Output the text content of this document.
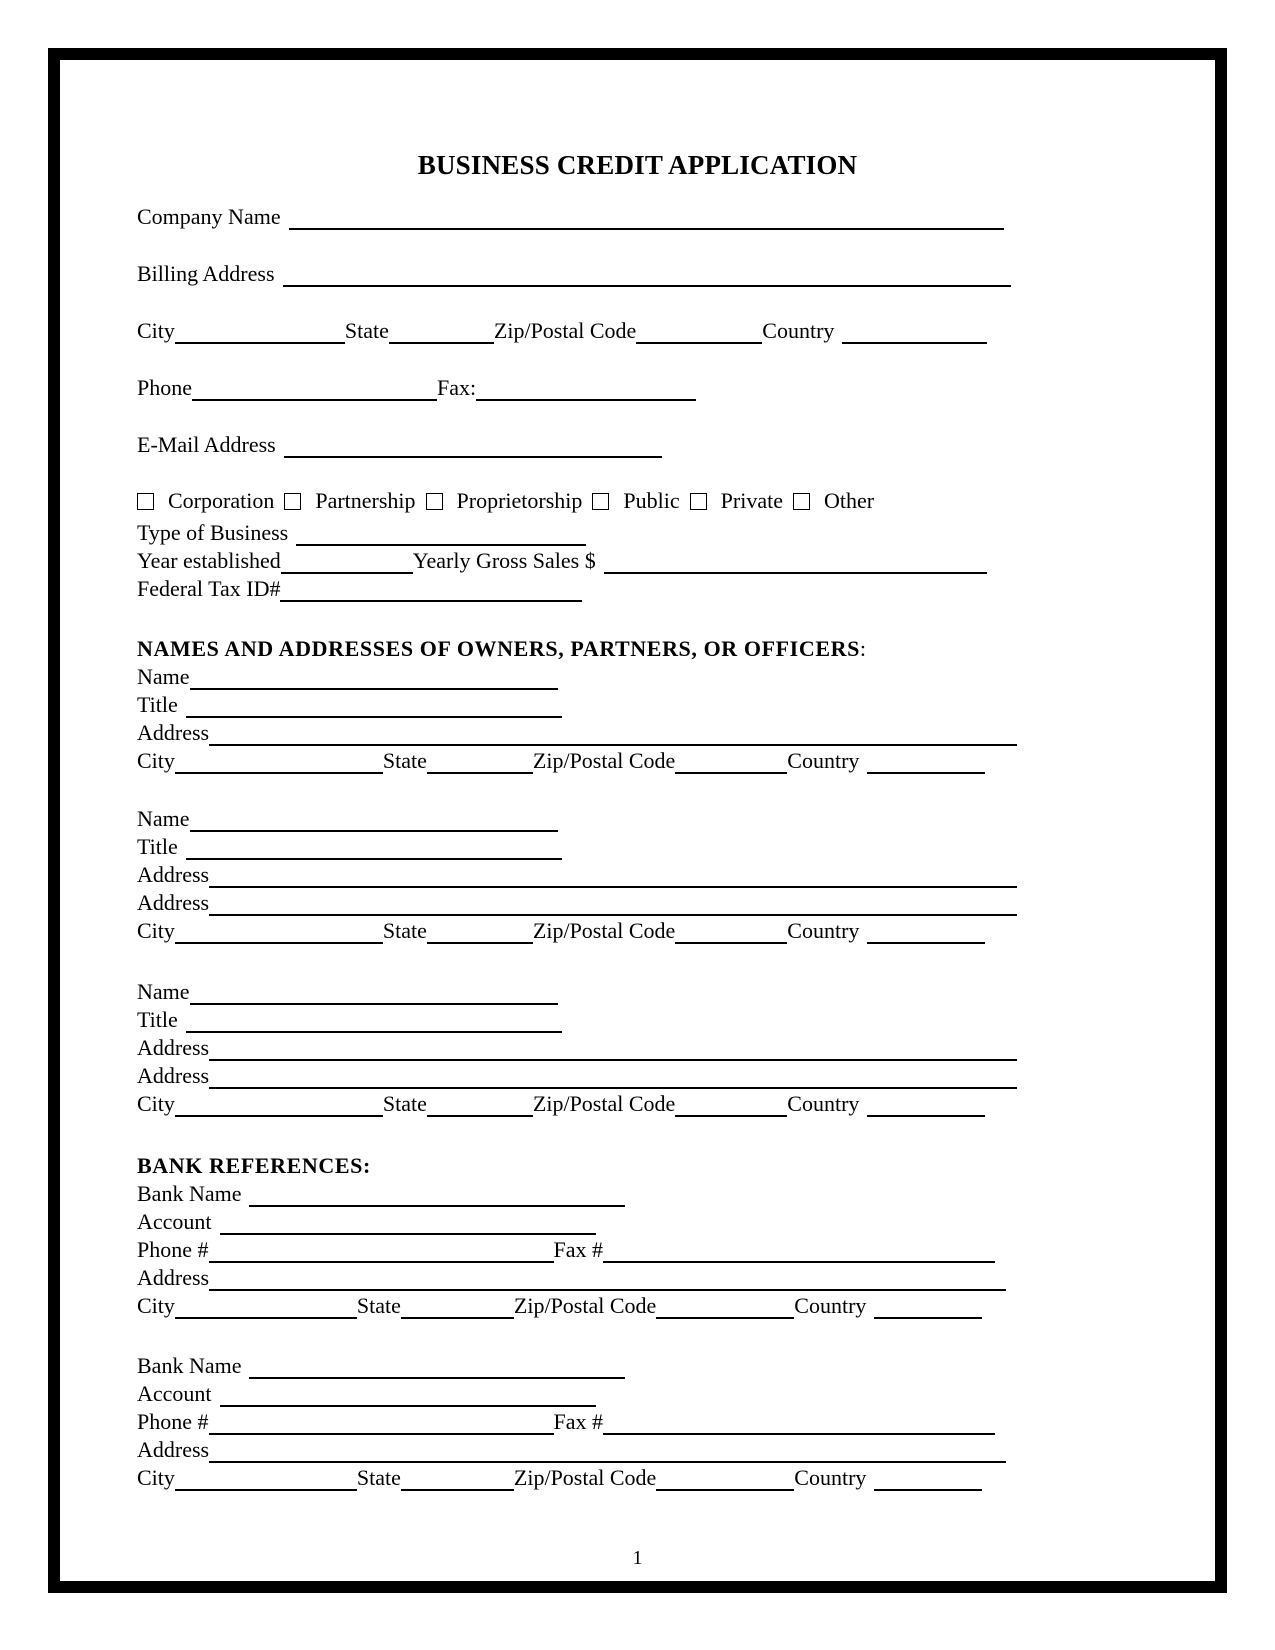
BUSINESS CREDIT APPLICATION
Company Name
Billing Address
City	State	Zip/Postal Code	Country
Phone	Fax:
E-Mail Address
Corporation Partnership Proprietorship Public Private Other
Type of Business
Year established	Yearly Gross Sales $
Federal Tax ID#
NAMES AND ADDRESSES OF OWNERS, PARTNERS, OR OFFICERS:
Name
Title
Address
City	State	Zip/Postal Code	Country
Name
Title
Address
Address
City	State	Zip/Postal Code	Country
Name
Title
Address
Address
City	State	Zip/Postal Code	Country
BANK REFERENCES:
Bank Name
Account
Phone #	Fax #
Address
City	State	Zip/Postal Code	Country
Bank Name
Account
Phone #	Fax #
Address
City	State	Zip/Postal Code	Country
1
